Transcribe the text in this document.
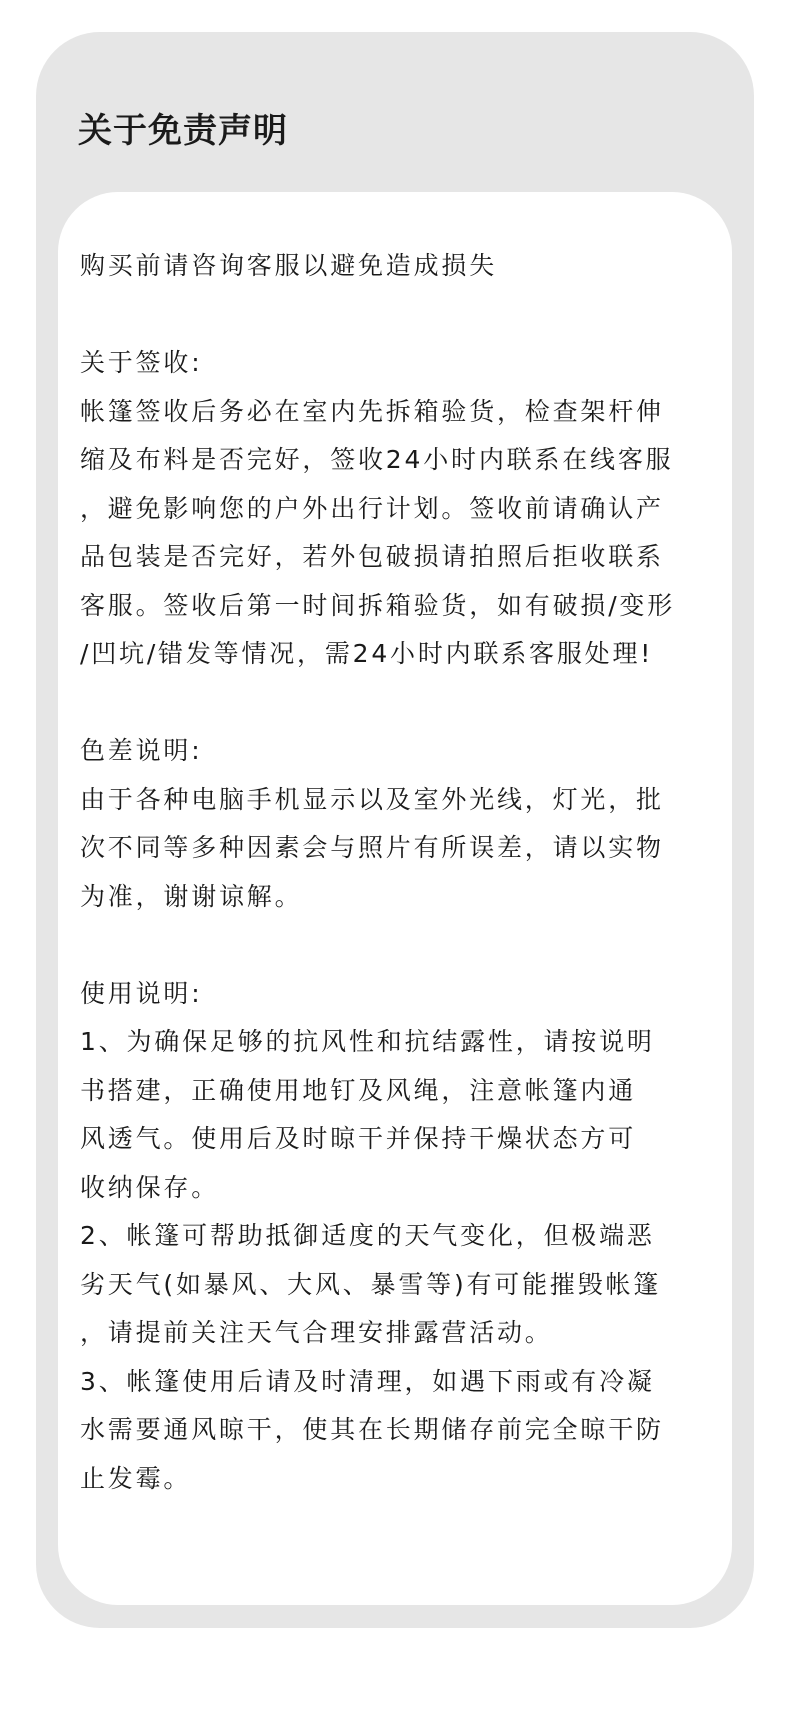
关于免责声明
购买前请咨询客服以避免造成损失
关于签收:
帐篷签收后务必在室内先拆箱验货，检查架杆伸
缩及布料是否完好，签收24小时内联系在线客服
，避免影响您的户外出行计划。签收前请确认产
品包装是否完好，若外包破损请拍照后拒收联系
客服。签收后第一时间拆箱验货，如有破损/变形
/凹坑/错发等情况，需24小时内联系客服处理!
色差说明:
由于各种电脑手机显示以及室外光线，灯光，批
次不同等多种因素会与照片有所误差，请以实物
为准，谢谢谅解。
使用说明:
1、为确保足够的抗风性和抗结露性，请按说明
书搭建，正确使用地钉及风绳，注意帐篷内通
风透气。使用后及时晾干并保持干燥状态方可
收纳保存。
2、帐篷可帮助抵御适度的天气变化，但极端恶
劣天气(如暴风、大风、暴雪等)有可能摧毁帐篷
，请提前关注天气合理安排露营活动。
3、帐篷使用后请及时清理，如遇下雨或有冷凝
水需要通风晾干，使其在长期储存前完全晾干防
止发霉。
